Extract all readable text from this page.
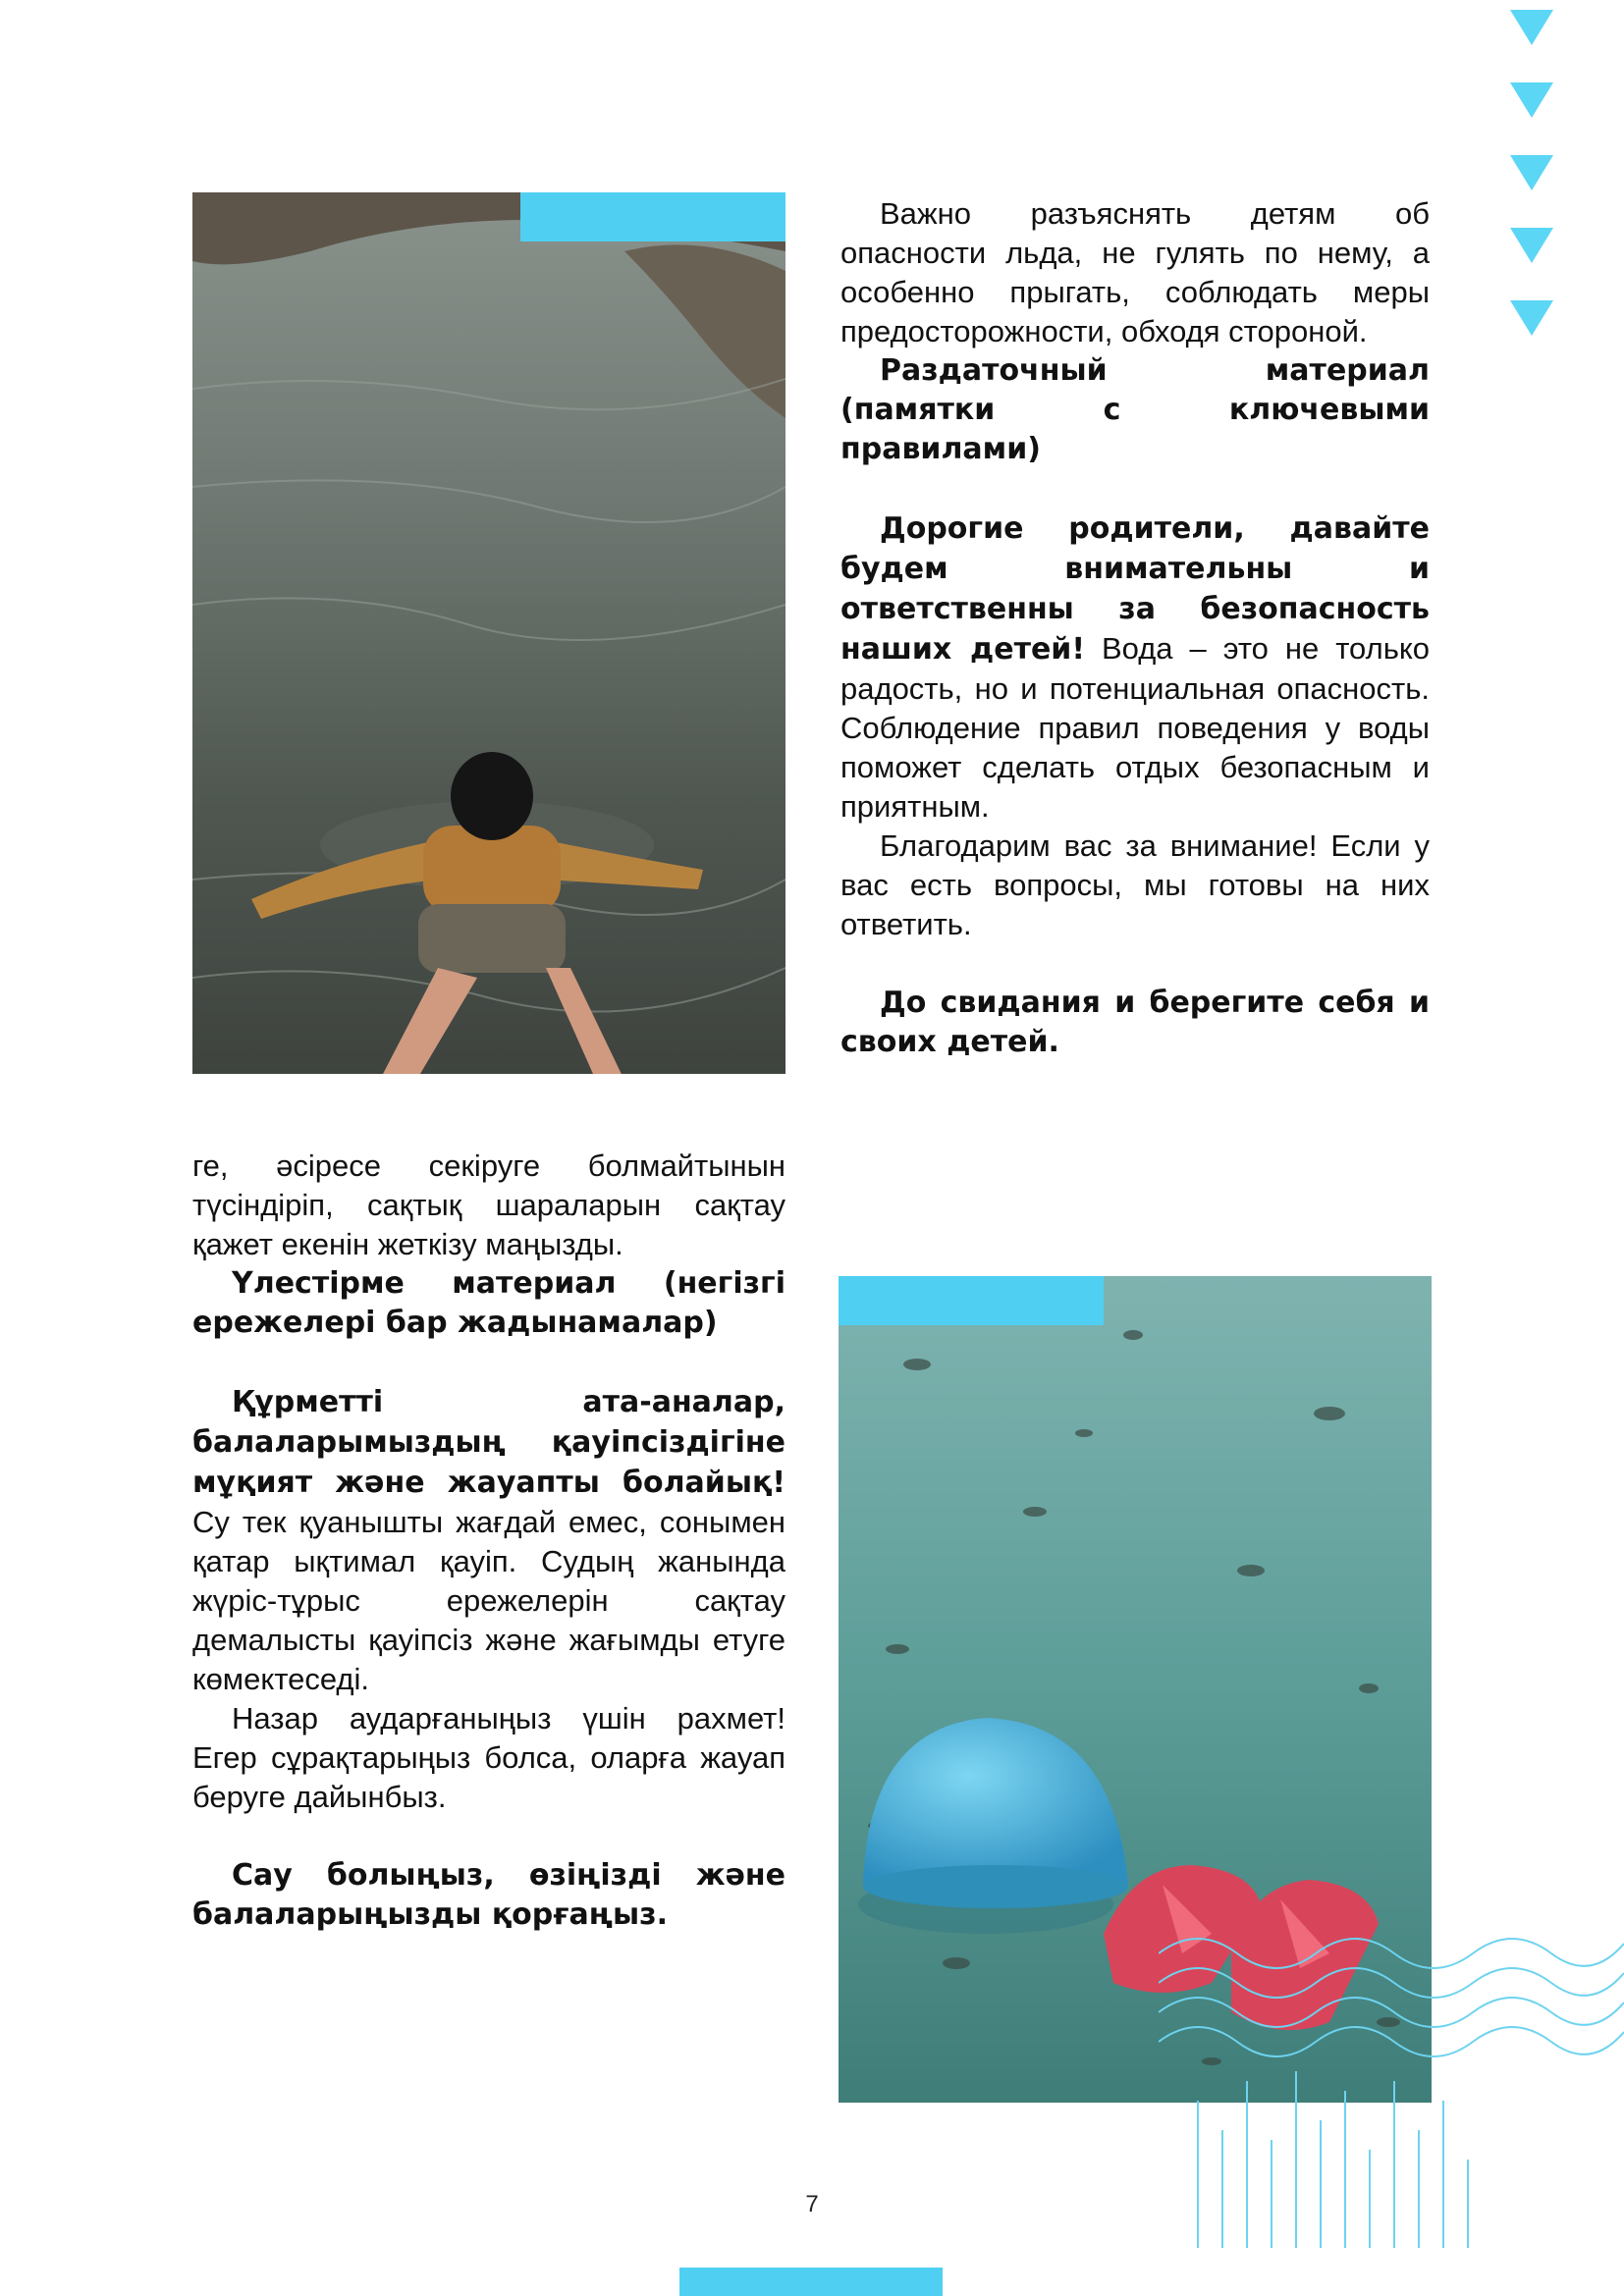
Важно разъяснять детям об опасности льда, не гулять по нему, а особенно прыгать, соблюдать меры предосторожности, обходя стороной.

Раздаточный материал (памятки с ключевыми правилами)

Дорогие родители, давайте будем внимательны и ответственны за безопасность наших детей! Вода – это не только радость, но и потенциальная опасность. Соблюдение правил поведения у воды поможет сделать отдых безопасным и приятным.

Благодарим вас за внимание! Если у вас есть вопросы, мы готовы на них ответить.

До свидания и берегите себя и своих детей.

ге, әсіресе секіруге болмайтынын түсіндіріп, сақтық шараларын сақтау қажет екенін жеткізу маңызды.

Үлестірме материал (негізгі ережелері бар жадынамалар)

Құрметті ата-аналар, балаларымыздың қауіпсіздігіне мұқият және жауапты болайық! Су тек қуанышты жағдай емес, сонымен қатар ықтимал қауіп. Судың жанында жүріс-тұрыс ережелерін сақтау демалысты қауіпсіз және жағымды етуге көмектеседі.

Назар аударғаныңыз үшін рахмет! Егер сұрақтарыңыз болса, оларға жауап беруге дайынбыз.

Сау болыңыз, өзіңізді және балаларыңызды қорғаңыз.

7
